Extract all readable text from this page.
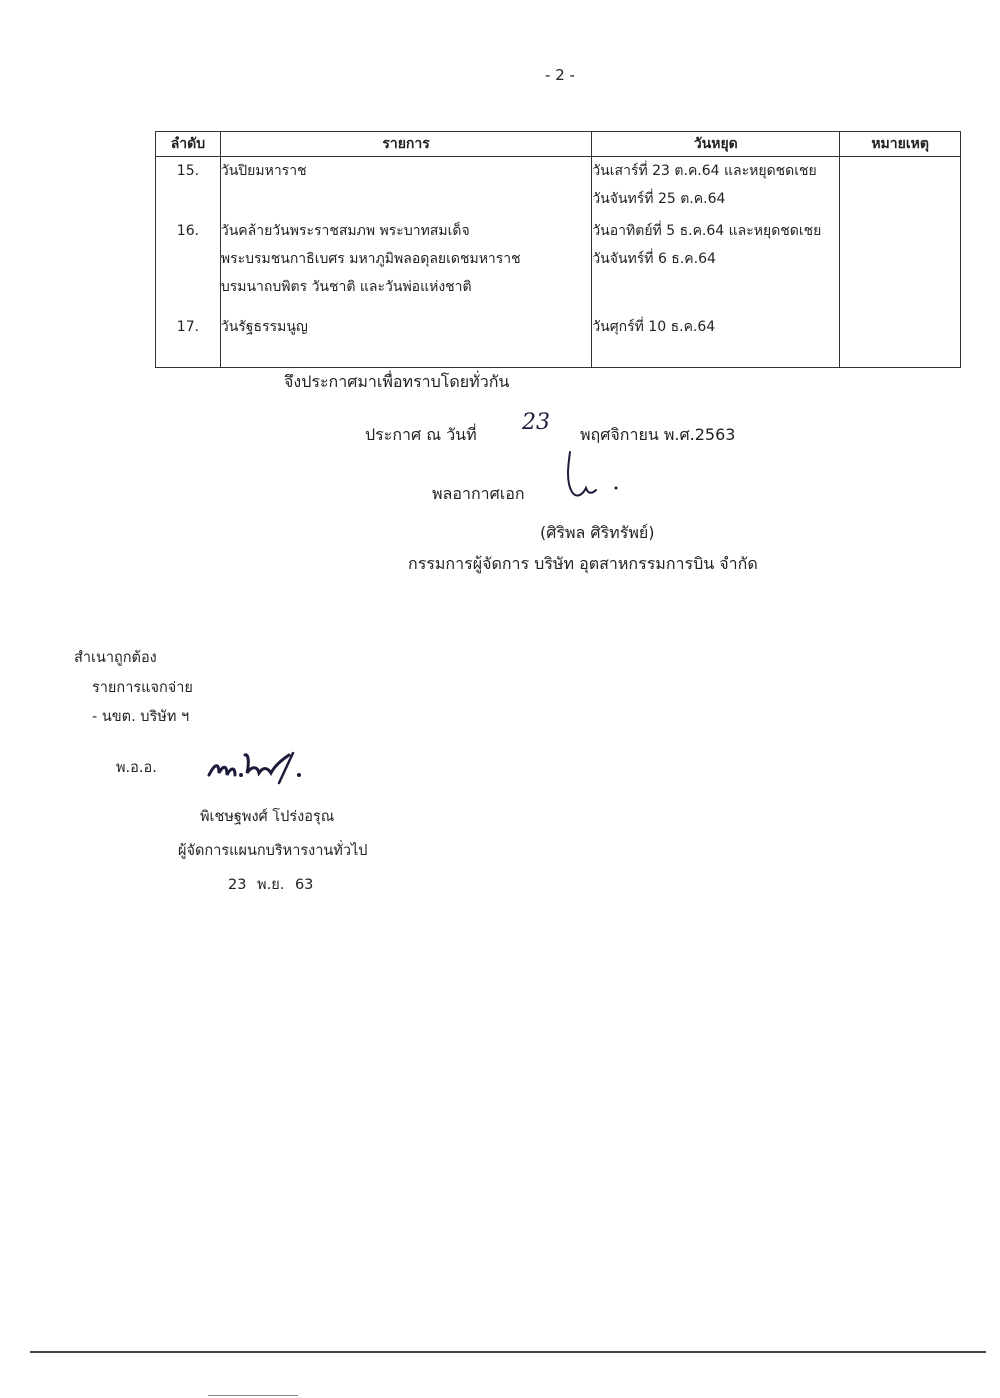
- 2 -
ลำดับ	รายการ	วันหยุด	หมายเหตุ

15.	วันปิยมหาราช	วันเสาร์ที่ 23 ต.ค.64 และหยุดชดเชย
วันจันทร์ที่ 25 ต.ค.64	

16.	วันคล้ายวันพระราชสมภพ พระบาทสมเด็จ
พระบรมชนกาธิเบศร มหาภูมิพลอดุลยเดชมหาราช
บรมนาถบพิตร วันชาติ และวันพ่อแห่งชาติ	วันอาทิตย์ที่ 5 ธ.ค.64 และหยุดชดเชย
วันจันทร์ที่ 6 ธ.ค.64	

17.	วันรัฐธรรมนูญ	วันศุกร์ที่ 10 ธ.ค.64	

จึงประกาศมาเพื่อทราบโดยทั่วกัน
ประกาศ ณ วันที่ 23 พฤศจิกายน พ.ศ.2563
พลอากาศเอก
(ศิริพล ศิริทรัพย์)
กรรมการผู้จัดการ บริษัท อุตสาหกรรมการบิน จำกัด
สำเนาถูกต้อง
รายการแจกจ่าย
- นขต. บริษัท ฯ
พ.อ.อ.
พิเชษฐพงศ์ โปร่งอรุณ
ผู้จัดการแผนกบริหารงานทั่วไป
23 พ.ย. 63
